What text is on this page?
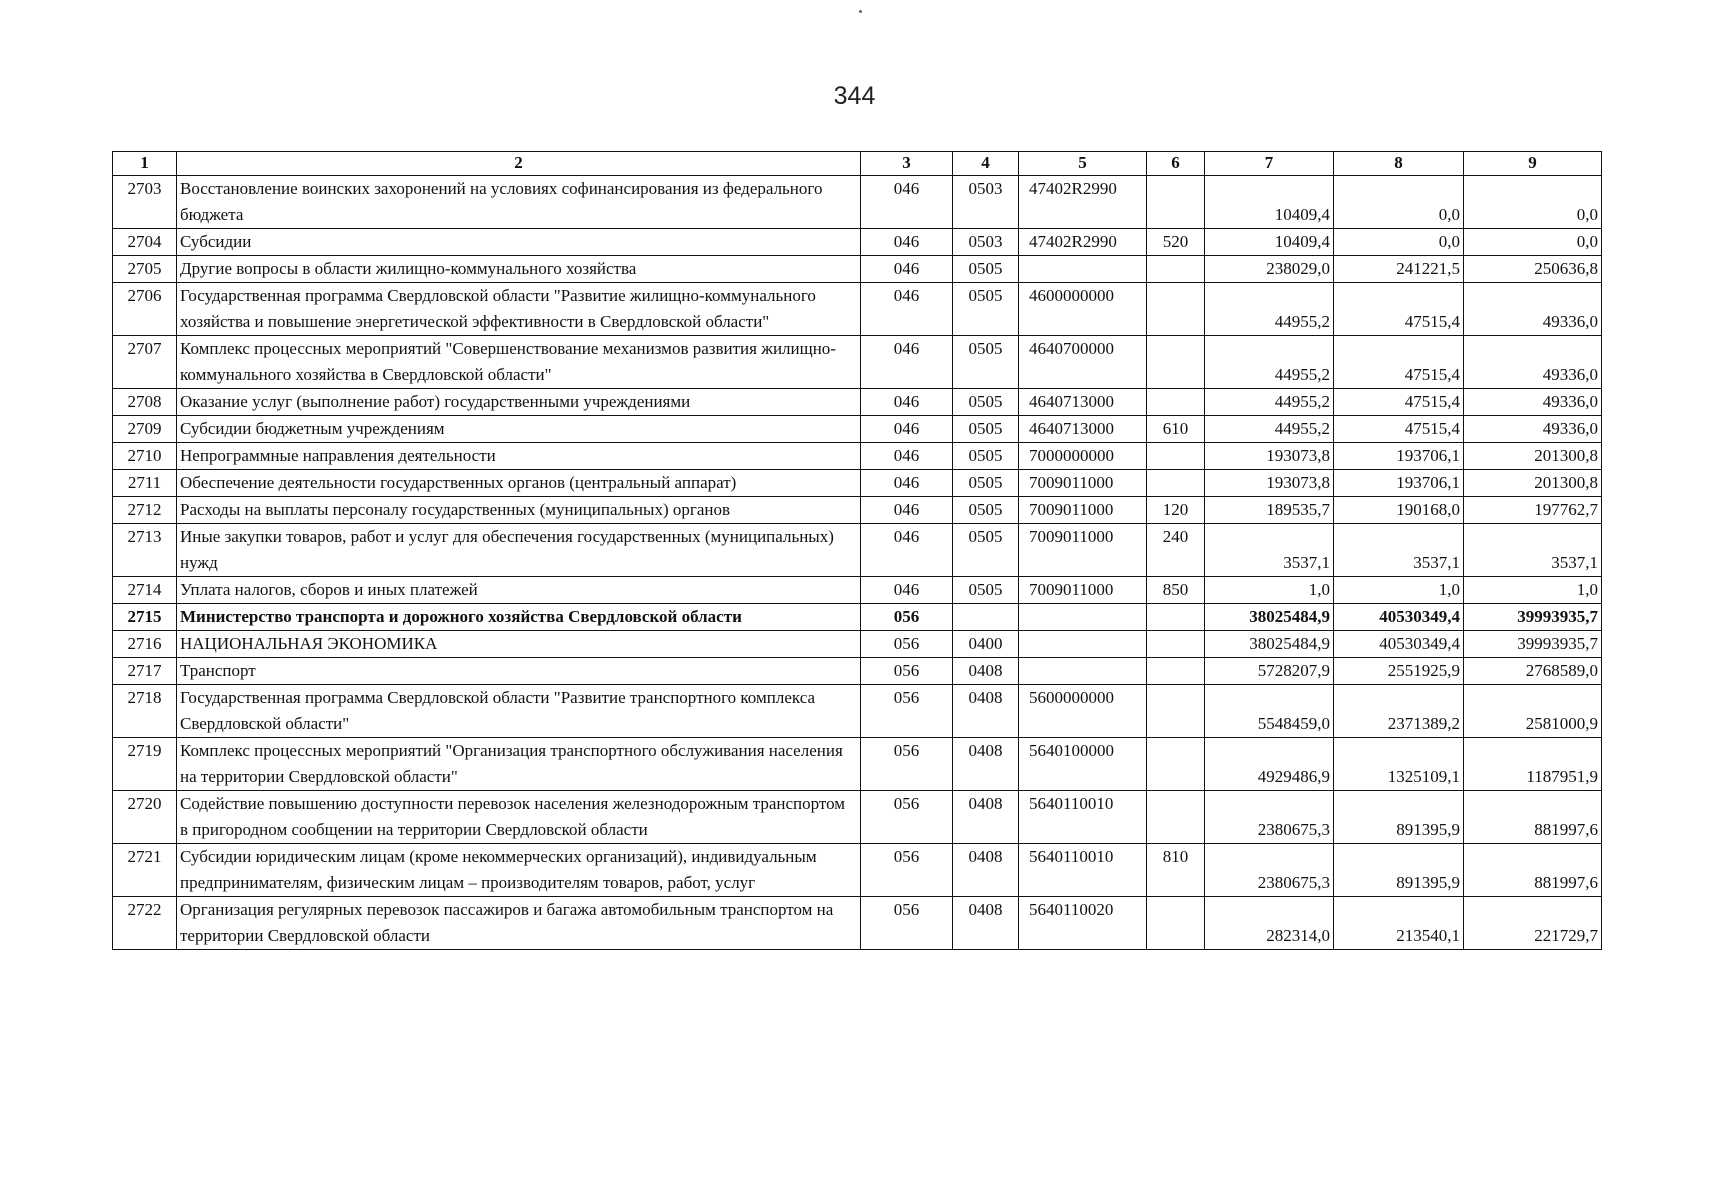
344
1	2	3	4	5	6	7	8	9
2703	Восстановление воинских захоронений на условиях софинансирования из федерального бюджета	046	0503	47402R2990		10409,4	0,0	0,0
2704	Субсидии	046	0503	47402R2990	520	10409,4	0,0	0,0
2705	Другие вопросы в области жилищно-коммунального хозяйства	046	0505			238029,0	241221,5	250636,8
2706	Государственная программа Свердловской области "Развитие жилищно-коммунального хозяйства и повышение энергетической эффективности в Свердловской области"	046	0505	4600000000		44955,2	47515,4	49336,0
2707	Комплекс процессных мероприятий "Совершенствование механизмов развития жилищно-коммунального хозяйства в Свердловской области"	046	0505	4640700000		44955,2	47515,4	49336,0
2708	Оказание услуг (выполнение работ) государственными учреждениями	046	0505	4640713000		44955,2	47515,4	49336,0
2709	Субсидии бюджетным учреждениям	046	0505	4640713000	610	44955,2	47515,4	49336,0
2710	Непрограммные направления деятельности	046	0505	7000000000		193073,8	193706,1	201300,8
2711	Обеспечение деятельности государственных органов (центральный аппарат)	046	0505	7009011000		193073,8	193706,1	201300,8
2712	Расходы на выплаты персоналу государственных (муниципальных) органов	046	0505	7009011000	120	189535,7	190168,0	197762,7
2713	Иные закупки товаров, работ и услуг для обеспечения государственных (муниципальных) нужд	046	0505	7009011000	240	3537,1	3537,1	3537,1
2714	Уплата налогов, сборов и иных платежей	046	0505	7009011000	850	1,0	1,0	1,0
2715	Министерство транспорта и дорожного хозяйства Свердловской области	056				38025484,9	40530349,4	39993935,7
2716	НАЦИОНАЛЬНАЯ ЭКОНОМИКА	056	0400			38025484,9	40530349,4	39993935,7
2717	Транспорт	056	0408			5728207,9	2551925,9	2768589,0
2718	Государственная программа Свердловской области "Развитие транспортного комплекса Свердловской области"	056	0408	5600000000		5548459,0	2371389,2	2581000,9
2719	Комплекс процессных мероприятий "Организация транспортного обслуживания населения на территории Свердловской области"	056	0408	5640100000		4929486,9	1325109,1	1187951,9
2720	Содействие повышению доступности перевозок населения железнодорожным транспортом в пригородном сообщении на территории Свердловской области	056	0408	5640110010		2380675,3	891395,9	881997,6
2721	Субсидии юридическим лицам (кроме некоммерческих организаций), индивидуальным предпринимателям, физическим лицам – производителям товаров, работ, услуг	056	0408	5640110010	810	2380675,3	891395,9	881997,6
2722	Организация регулярных перевозок пассажиров и багажа автомобильным транспортом на территории Свердловской области	056	0408	5640110020		282314,0	213540,1	221729,7
